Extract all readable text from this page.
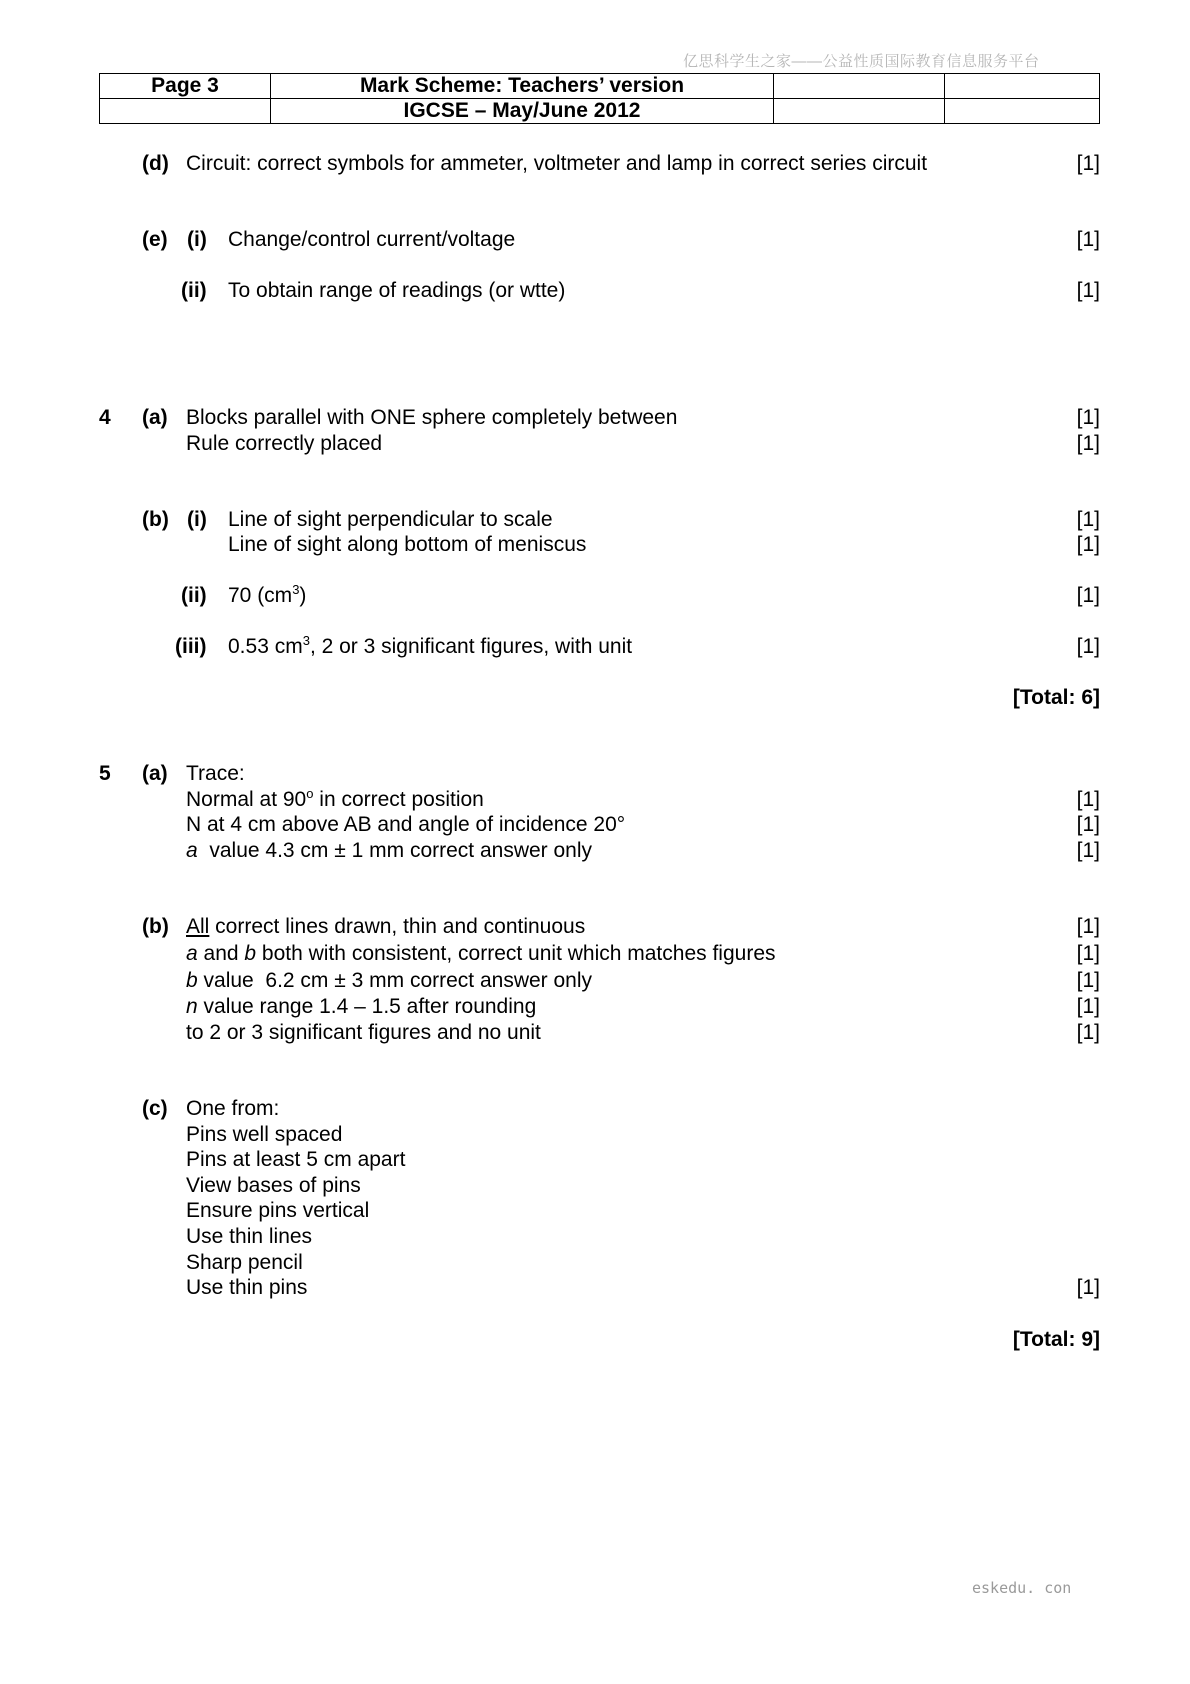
亿思科学生之家——公益性质国际教育信息服务平台
Page 3	Mark Scheme: Teachers’ version		
	IGCSE – May/June 2012		
(d) Circuit: correct symbols for ammeter, voltmeter and lamp in correct series circuit	[1]
(e) (i) Change/control current/voltage	[1]
(ii) To obtain range of readings (or wtte)	[1]
4 (a) Blocks parallel with ONE sphere completely between	[1]
Rule correctly placed	[1]
(b) (i) Line of sight perpendicular to scale	[1]
Line of sight along bottom of meniscus	[1]
(ii) 70 $(cm^3)$	[1]
(iii) 0.53 $cm^3$, 2 or 3 significant figures, with unit	[1]
[Total: 6]
5 (a) Trace:
Normal at 90$^o$ in correct position	[1]
N at 4 cm above AB and angle of incidence 20°	[1]
a  value 4.3 cm ± 1 mm correct answer only	[1]
(b) All correct lines drawn, thin and continuous	[1]
a and b both with consistent, correct unit which matches figures	[1]
b value  6.2 cm ± 3 mm correct answer only	[1]
n value range 1.4 – 1.5 after rounding	[1]
to 2 or 3 significant figures and no unit	[1]
(c) One from:
Pins well spaced
Pins at least 5 cm apart
View bases of pins
Ensure pins vertical
Use thin lines
Sharp pencil
Use thin pins	[1]
[Total: 9]
eskedu. con
